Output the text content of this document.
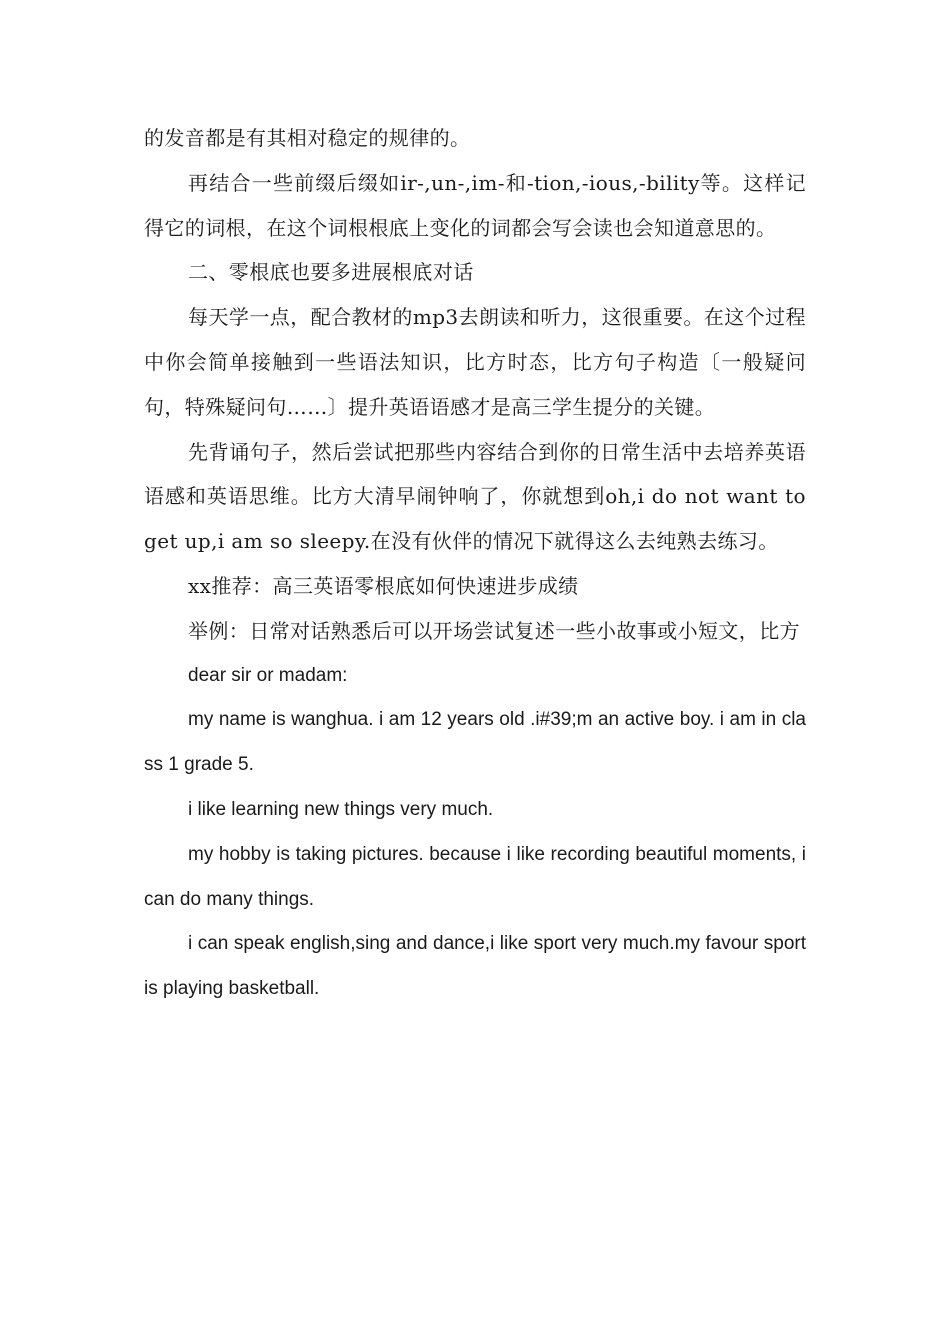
的发音都是有其相对稳定的规律的。

再结合一些前缀后缀如ir-,un-,im-和-tion,-ious,-bility等。这样记得它的词根，在这个词根根底上变化的词都会写会读也会知道意思的。

二、零根底也要多进展根底对话

每天学一点，配合教材的mp3去朗读和听力，这很重要。在这个过程中你会简单接触到一些语法知识，比方时态，比方句子构造〔一般疑问句，特殊疑问句……〕提升英语语感才是高三学生提分的关键。

先背诵句子，然后尝试把那些内容结合到你的日常生活中去培养英语语感和英语思维。比方大清早闹钟响了，你就想到oh,i do not want to get up,i am so sleepy.在没有伙伴的情况下就得这么去纯熟去练习。

xx推荐：高三英语零根底如何快速进步成绩

举例：日常对话熟悉后可以开场尝试复述一些小故事或小短文，比方

dear sir or madam:

my name is wanghua. i am 12 years old .i#39;m an active boy. i am in class 1 grade 5.

i like learning new things very much.

my hobby is taking pictures. because i like recording beautiful moments, i can do many things.

i can speak english,sing and dance,i like sport very much.my favour sport is playing basketball.
